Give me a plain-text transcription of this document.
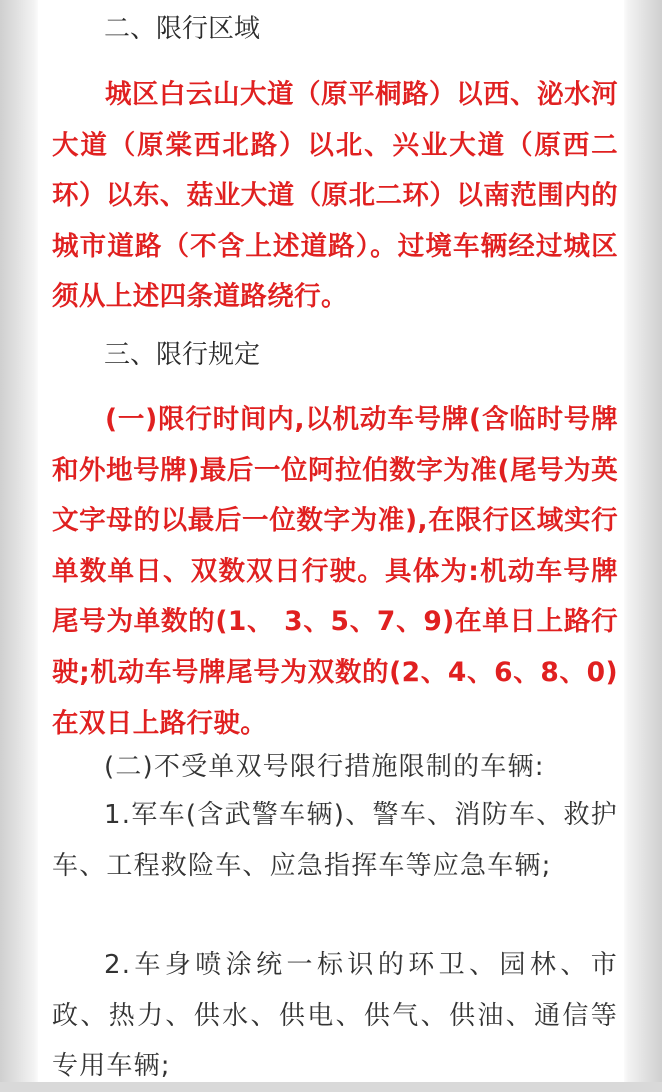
二、限行区域

城区白云山大道（原平桐路）以西、泌水河大道（原棠西北路）以北、兴业大道（原西二环）以东、菇业大道（原北二环）以南范围内的城市道路（不含上述道路）。过境车辆经过城区须从上述四条道路绕行。

三、限行规定

(一)限行时间内,以机动车号牌(含临时号牌和外地号牌)最后一位阿拉伯数字为准(尾号为英文字母的以最后一位数字为准),在限行区域实行单数单日、双数双日行驶。具体为:机动车号牌尾号为单数的(1、 3、5、7、9)在单日上路行驶;机动车号牌尾号为双数的(2、4、6、8、0)在双日上路行驶。

(二)不受单双号限行措施限制的车辆:

1.军车(含武警车辆)、警车、消防车、救护车、工程救险车、应急指挥车等应急车辆;

2.车身喷涂统一标识的环卫、园林、市政、热力、供水、供电、供气、供油、通信等专用车辆;
